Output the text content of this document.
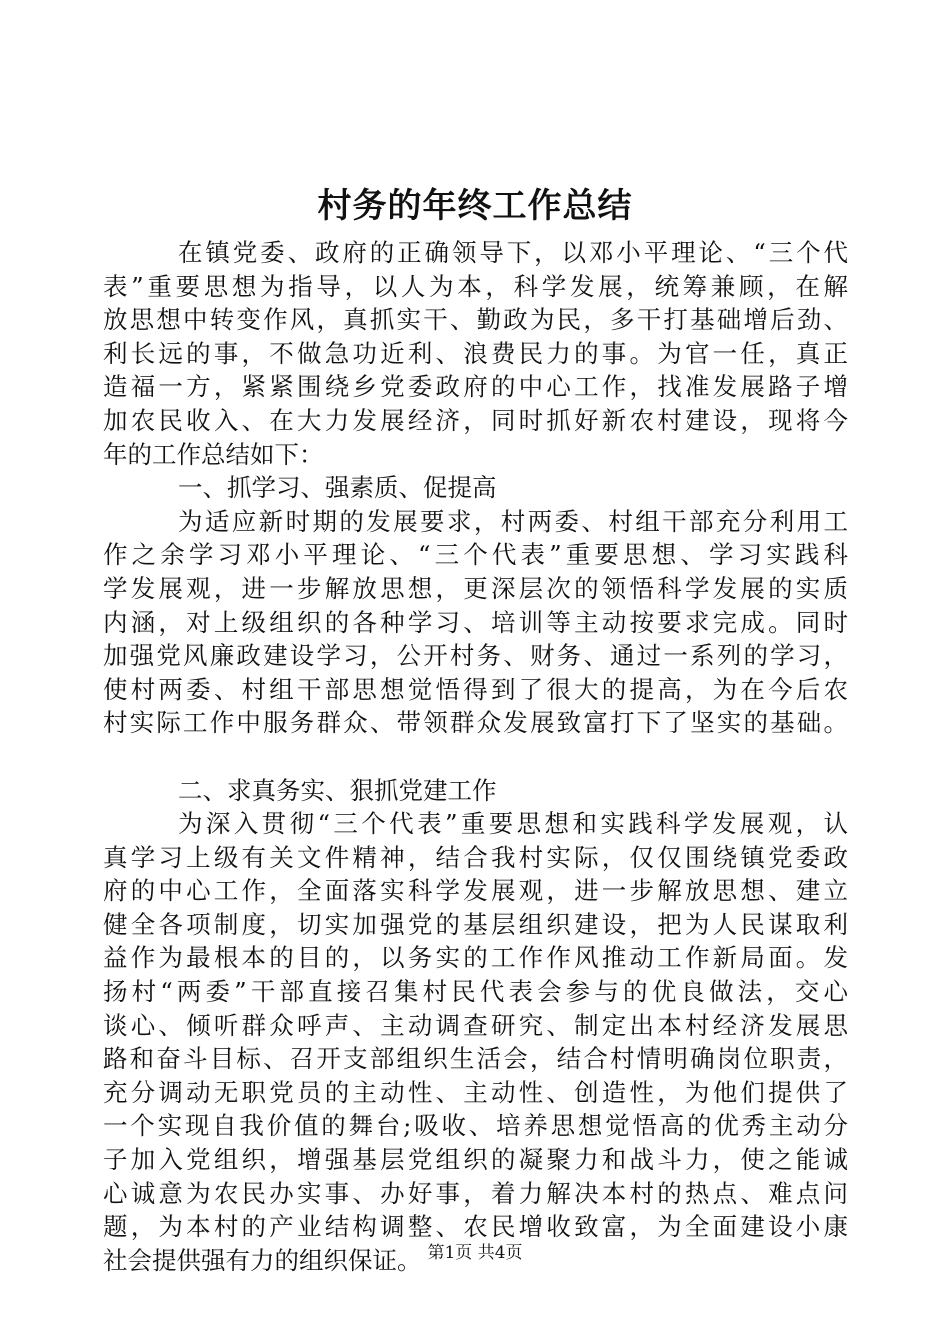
村务的年终工作总结
在镇党委、政府的正确领导下，以邓小平理论、“三个代
表”重要思想为指导，以人为本，科学发展，统筹兼顾，在解
放思想中转变作风，真抓实干、勤政为民，多干打基础增后劲、
利长远的事，不做急功近利、浪费民力的事。为官一任，真正
造福一方，紧紧围绕乡党委政府的中心工作，找准发展路子增
加农民收入、在大力发展经济，同时抓好新农村建设，现将今
年的工作总结如下：
一、抓学习、强素质、促提高
为适应新时期的发展要求，村两委、村组干部充分利用工
作之余学习邓小平理论、“三个代表”重要思想、学习实践科
学发展观，进一步解放思想，更深层次的领悟科学发展的实质
内涵，对上级组织的各种学习、培训等主动按要求完成。同时
加强党风廉政建设学习，公开村务、财务、通过一系列的学习，
使村两委、村组干部思想觉悟得到了很大的提高，为在今后农
村实际工作中服务群众、带领群众发展致富打下了坚实的基础。
二、求真务实、狠抓党建工作
为深入贯彻“三个代表”重要思想和实践科学发展观，认
真学习上级有关文件精神，结合我村实际，仅仅围绕镇党委政
府的中心工作，全面落实科学发展观，进一步解放思想、建立
健全各项制度，切实加强党的基层组织建设，把为人民谋取利
益作为最根本的目的，以务实的工作作风推动工作新局面。发
扬村“两委”干部直接召集村民代表会参与的优良做法，交心
谈心、倾听群众呼声、主动调查研究、制定出本村经济发展思
路和奋斗目标、召开支部组织生活会，结合村情明确岗位职责，
充分调动无职党员的主动性、主动性、创造性，为他们提供了
一个实现自我价值的舞台;吸收、培养思想觉悟高的优秀主动分
子加入党组织，增强基层党组织的凝聚力和战斗力，使之能诚
心诚意为农民办实事、办好事，着力解决本村的热点、难点问
题，为本村的产业结构调整、农民增收致富，为全面建设小康
社会提供强有力的组织保证。 第1页 共4页
